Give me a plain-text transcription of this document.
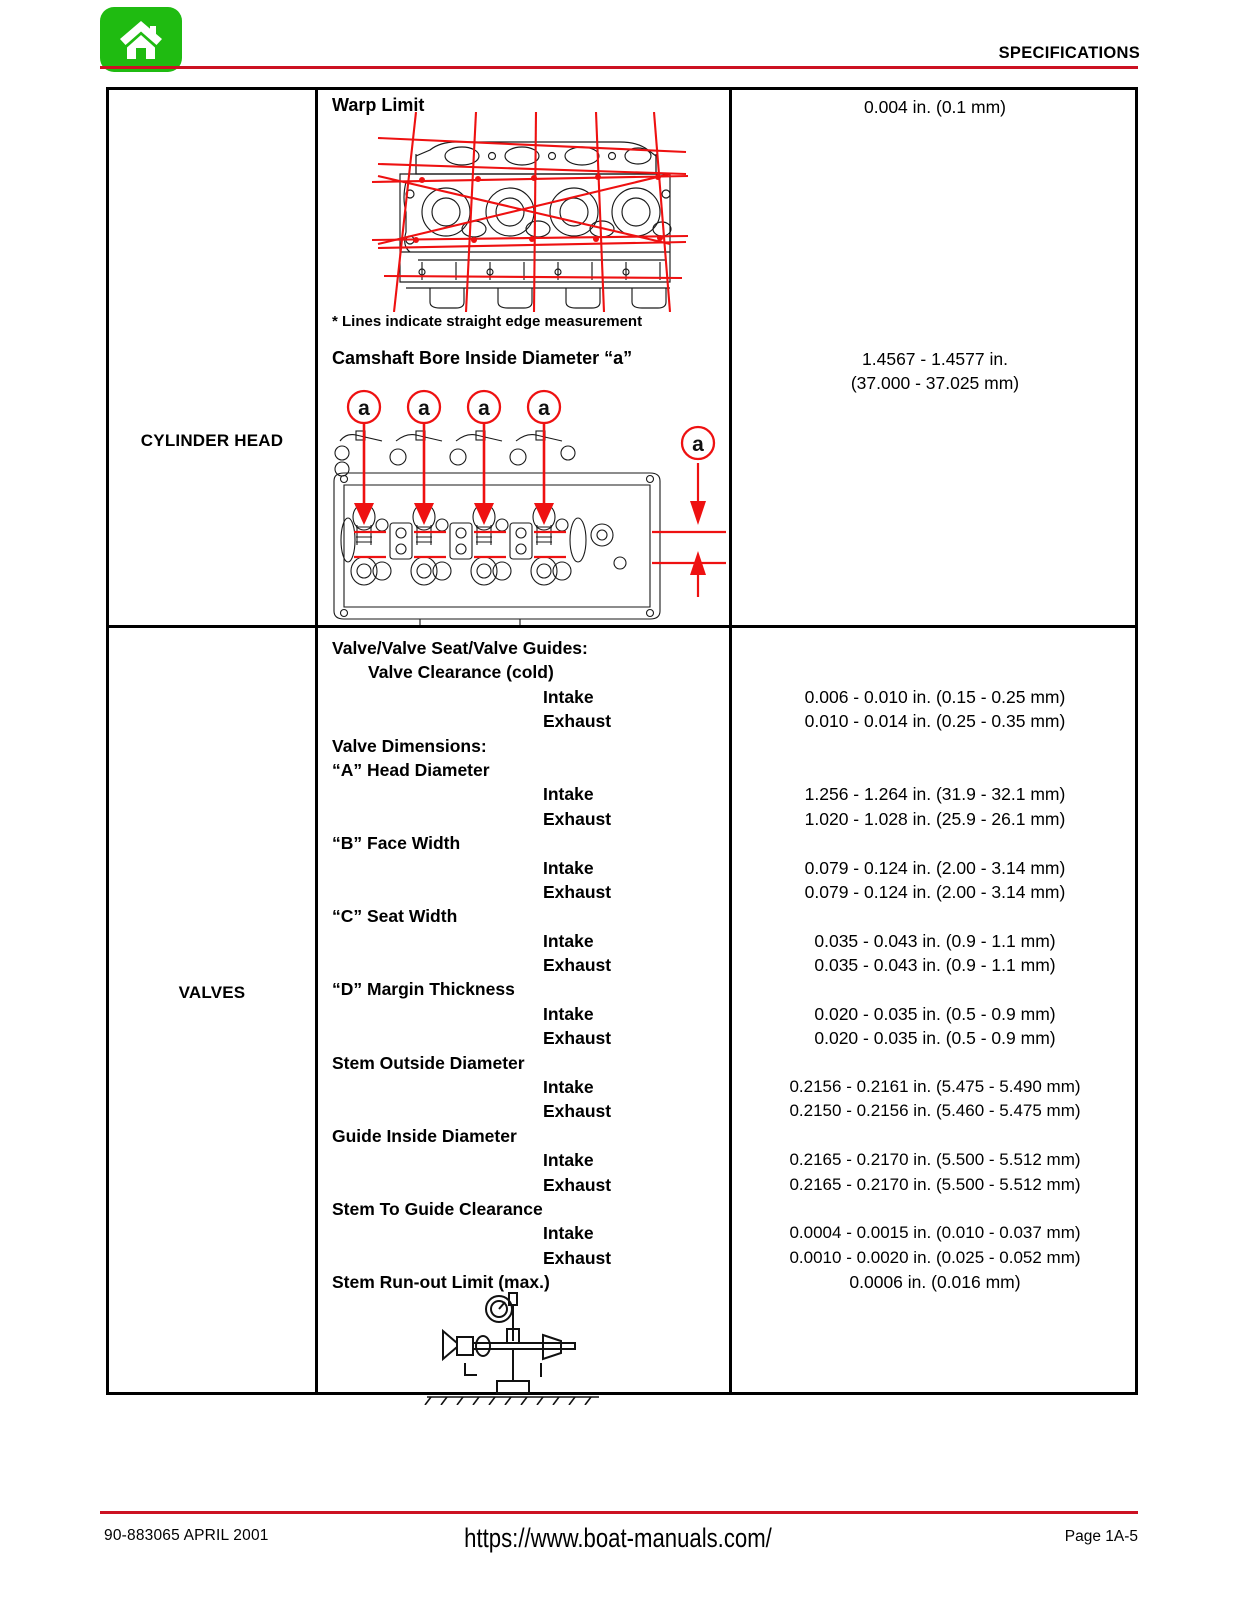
SPECIFICATIONS
CYLINDER HEAD
VALVES
Warp Limit
* Lines indicate straight edge measurement
Camshaft Bore Inside Diameter “a”
a a a a
a
Valve/Valve Seat/Valve Guides:
Valve Clearance (cold)
Intake
Exhaust
Valve Dimensions:
“A” Head Diameter
Intake
Exhaust
“B” Face Width
Intake
Exhaust
“C” Seat Width
Intake
Exhaust
“D” Margin Thickness
Intake
Exhaust
Stem Outside Diameter
Intake
Exhaust
Guide Inside Diameter
Intake
Exhaust
Stem To Guide Clearance
Intake
Exhaust
Stem Run-out Limit (max.)
0.004 in. (0.1 mm)
1.4567 - 1.4577 in.
(37.000 - 37.025 mm)
0.006 - 0.010 in. (0.15 - 0.25 mm)
0.010 - 0.014 in. (0.25 - 0.35 mm)
1.256 - 1.264 in. (31.9 - 32.1 mm)
1.020 - 1.028 in. (25.9 - 26.1 mm)
0.079 - 0.124 in. (2.00 - 3.14 mm)
0.079 - 0.124 in. (2.00 - 3.14 mm)
0.035 - 0.043 in. (0.9 - 1.1 mm)
0.035 - 0.043 in. (0.9 - 1.1 mm)
0.020 - 0.035 in. (0.5 - 0.9 mm)
0.020 - 0.035 in. (0.5 - 0.9 mm)
0.2156 - 0.2161 in. (5.475 - 5.490 mm)
0.2150 - 0.2156 in. (5.460 - 5.475 mm)
0.2165 - 0.2170 in. (5.500 - 5.512 mm)
0.2165 - 0.2170 in. (5.500 - 5.512 mm)
0.0004 - 0.0015 in. (0.010 - 0.037 mm)
0.0010 - 0.0020 in. (0.025 - 0.052 mm)
0.0006 in. (0.016 mm)
90-883065 APRIL 2001	https://www.boat-manuals.com/	Page 1A-5
